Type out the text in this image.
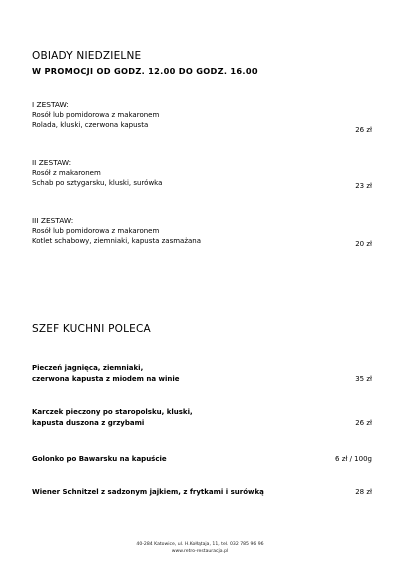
OBIADY NIEDZIELNE
W PROMOCJI OD GODZ. 12.00 DO GODZ. 16.00
I ZESTAW:
Rosół lub pomidorowa z makaronem
Rolada, kluski, czerwona kapusta
26 zł
II ZESTAW:
Rosół z makaronem
Schab po sztygarsku, kluski, surówka	23 zł
III ZESTAW:
Rosół lub pomidorowa z makaronem
Kotlet schabowy, ziemniaki, kapusta zasmażana	20 zł
SZEF KUCHNI POLECA
Pieczeń jagnięca, ziemniaki,
czerwona kapusta z miodem na winie	35 zł
Karczek pieczony po staropolsku, kluski,
kapusta duszona z grzybami	26 zł
Golonko po Bawarsku na kapuście	6 zł / 100g
Wiener Schnitzel z sadzonym jajkiem, z frytkami i surówką	28 zł
40-284 Katowice, ul. H.Kołłątaja, 11, tel. 032 785 96 96
www.retro-restauracja.pl
